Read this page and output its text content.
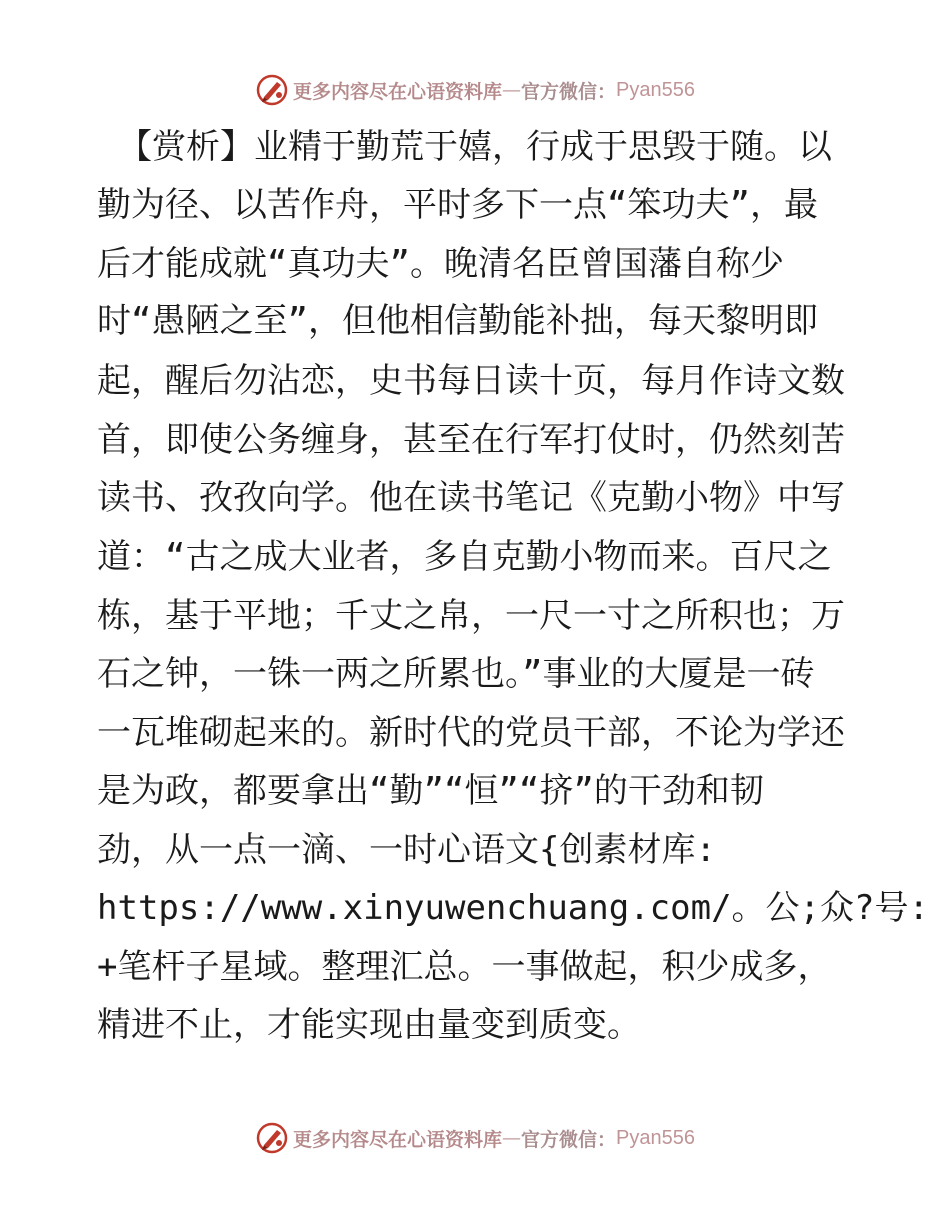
更多内容尽在心语资料库 — 官方微信： Pyan556
【赏析】业精于勤荒于嬉，行成于思毁于随。以
勤为径、以苦作舟，平时多下一点“笨功夫”，最
后才能成就“真功夫”。晚清名臣曾国藩自称少
时“愚陋之至”，但他相信勤能补拙，每天黎明即
起，醒后勿沾恋，史书每日读十页，每月作诗文数
首，即使公务缠身，甚至在行军打仗时，仍然刻苦
读书、孜孜向学。他在读书笔记《克勤小物》中写
道：“古之成大业者，多自克勤小物而来。百尺之
栋，基于平地；千丈之帛，一尺一寸之所积也；万
石之钟，一铢一两之所累也。”事业的大厦是一砖
一瓦堆砌起来的。新时代的党员干部，不论为学还
是为政，都要拿出“勤”“恒”“挤”的干劲和韧
劲，从一点一滴、一时心语文{创素材库:
https://www.xinyuwenchuang.com/。公;众?号:
+笔杆子星域。整理汇总。一事做起，积少成多，
精进不止，才能实现由量变到质变。
更多内容尽在心语资料库 — 官方微信： Pyan556
